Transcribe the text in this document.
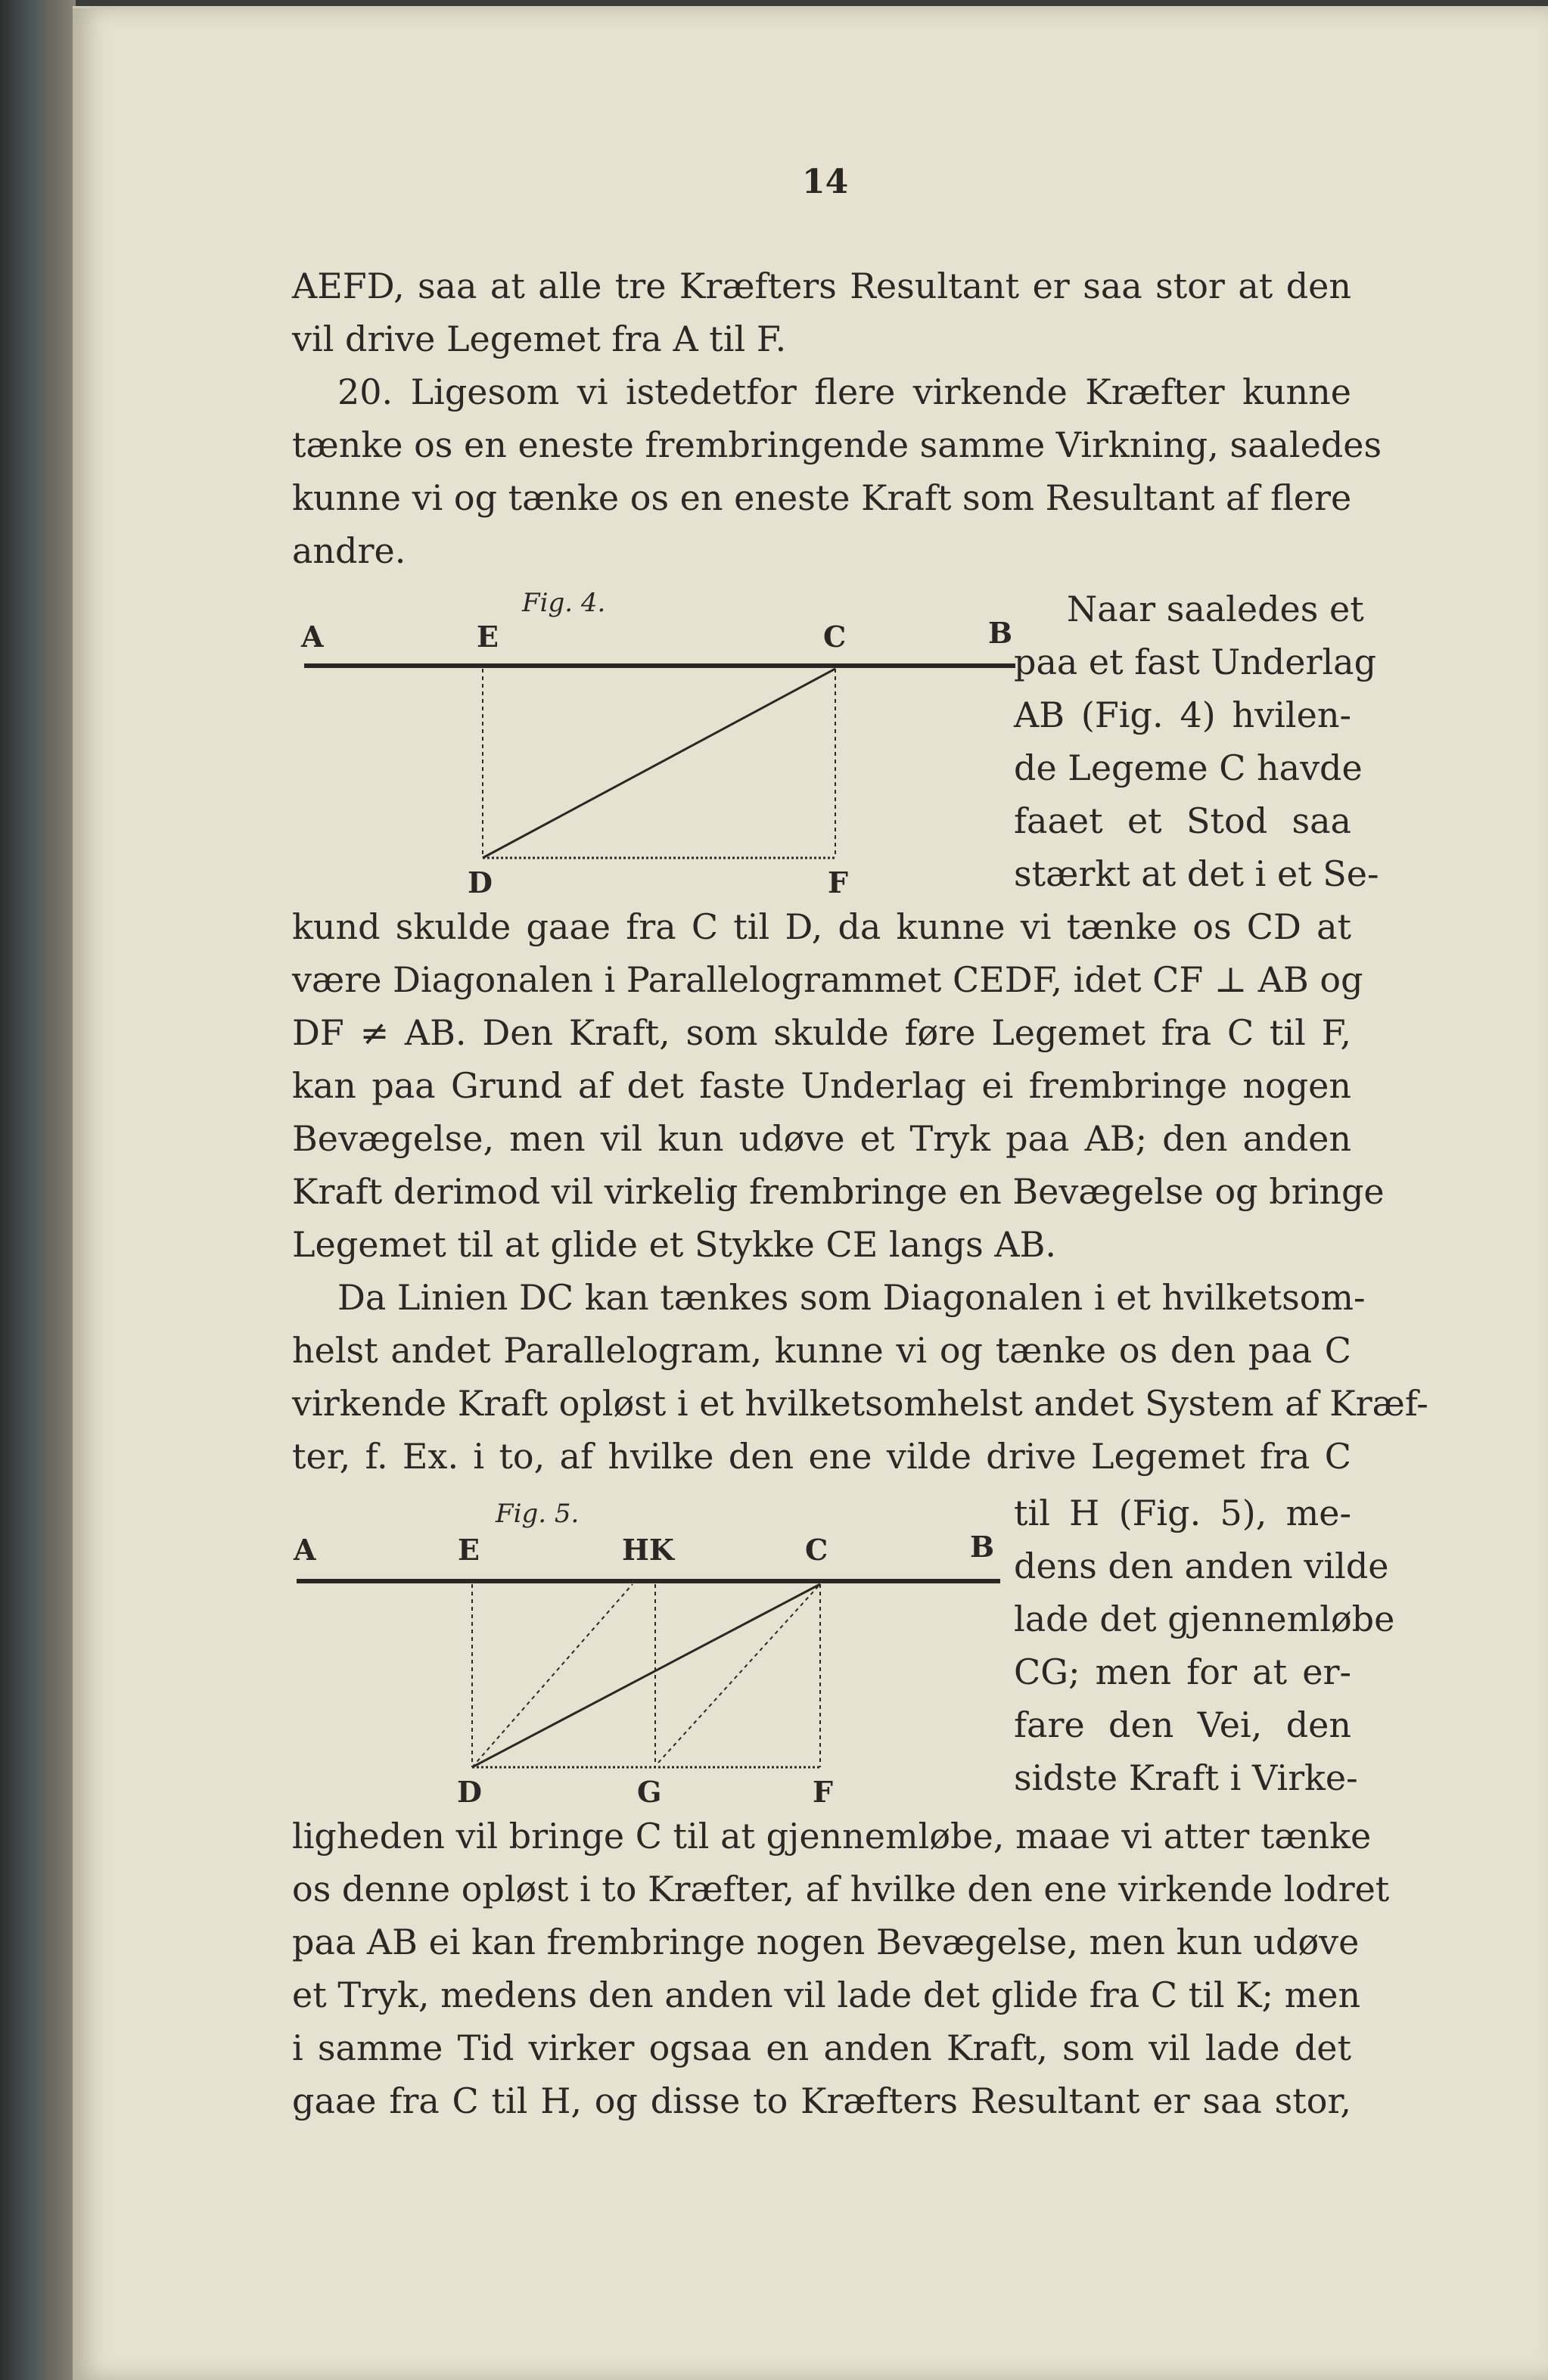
14
AEFD, saa at alle tre Kræfters Resultant er saa stor at den
vil drive Legemet fra A til F.
20. Ligesom vi istedetfor flere virkende Kræfter kunne
tænke os en eneste frembringende samme Virkning, saaledes
kunne vi og tænke os en eneste Kraft som Resultant af flere
andre.
Naar saaledes et
paa et fast Underlag
AB (Fig. 4) hvilen-
de Legeme C havde
faaet et Stod saa
stærkt at det i et Se-
kund skulde gaae fra C til D, da kunne vi tænke os CD at
være Diagonalen i Parallelogrammet CEDF, idet CF ⊥ AB og
DF ≠ AB. Den Kraft, som skulde føre Legemet fra C til F,
kan paa Grund af det faste Underlag ei frembringe nogen
Bevægelse, men vil kun udøve et Tryk paa AB; den anden
Kraft derimod vil virkelig frembringe en Bevægelse og bringe
Legemet til at glide et Stykke CE langs AB.
Da Linien DC kan tænkes som Diagonalen i et hvilketsom-
helst andet Parallelogram, kunne vi og tænke os den paa C
virkende Kraft opløst i et hvilketsomhelst andet System af Kræf-
ter, f. Ex. i to, af hvilke den ene vilde drive Legemet fra C
til H (Fig. 5), me-
dens den anden vilde
lade det gjennemløbe
CG; men for at er-
fare den Vei, den
sidste Kraft i Virke-
ligheden vil bringe C til at gjennemløbe, maae vi atter tænke
os denne opløst i to Kræfter, af hvilke den ene virkende lodret
paa AB ei kan frembringe nogen Bevægelse, men kun udøve
et Tryk, medens den anden vil lade det glide fra C til K; men
i samme Tid virker ogsaa en anden Kraft, som vil lade det
gaae fra C til H, og disse to Kræfters Resultant er saa stor,
Fig. 4.
A	E	C	B
D	F
Fig. 5.
A	E	HK	C	B
D	G	F
